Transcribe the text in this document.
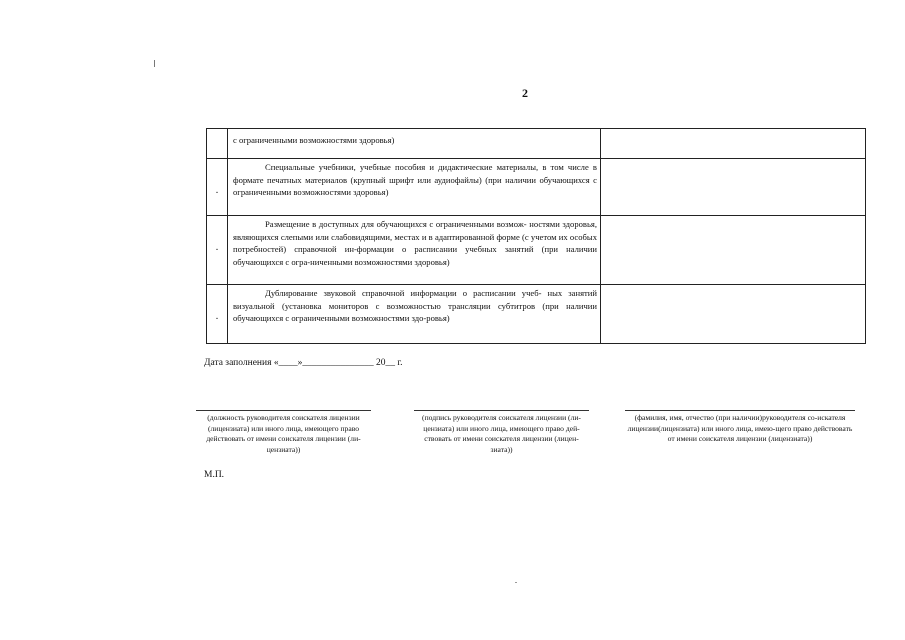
2
	с ограниченными возможностями здоровья)	

.	Специальные учебники, учебные пособия и дидактические материалы, в том числе в формате печатных материалов (крупный шрифт или аудиофайлы) (при наличии обучающихся с ограниченными возможностями здоровья)	

.	Размещение в доступных для обучающихся с ограниченными возмож- ностями здоровья, являющихся слепыми или слабовидящими, местах и в адаптированной форме (с учетом их особых потребностей) справочной ин-формации о расписании учебных занятий (при наличии обучающихся с огра-ниченными возможностями здоровья)	

.	Дублирование звуковой справочной информации о расписании учеб- ных занятий визуальной (установка мониторов с возможностью трансляции субтитров (при наличии обучающихся с ограниченными возможностями здо-ровья)	
Дата заполнения «____»_______________ 20__ г.
(должность руководителя соискателя лицензии (лицензиата) или иного лица, имеющего право действовать от имени соискателя лицензии (ли-цензиата))
(подпись руководителя соискателя лицензии (ли-цензиата) или иного лица, имеющего право дей-ствовать от имени соискателя лицензии (лицен-зиата))
(фамилия, имя, отчество (при наличии)руководителя со-искателя лицензии(лицензиата) или иного лица, имею-щего право действовать от имени соискателя лицензии (лицензиата))
М.П.
